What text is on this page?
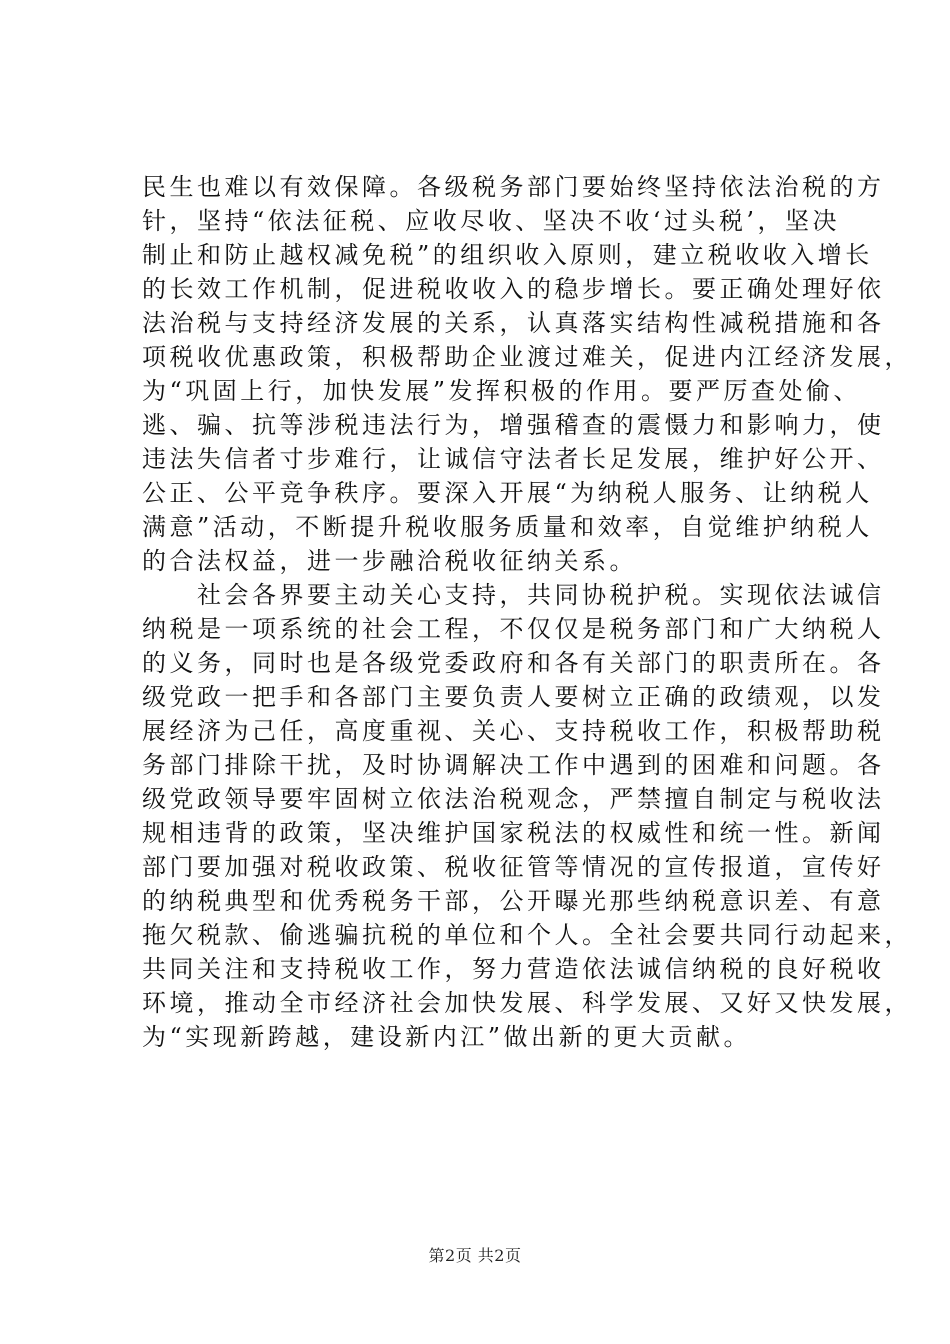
民生也难以有效保障。各级税务部门要始终坚持依法治税的方
针，坚持“依法征税、应收尽收、坚决不收‘过头税’，坚决
制止和防止越权减免税”的组织收入原则，建立税收收入增长
的长效工作机制，促进税收收入的稳步增长。要正确处理好依
法治税与支持经济发展的关系，认真落实结构性减税措施和各
项税收优惠政策，积极帮助企业渡过难关，促进内江经济发展，
为“巩固上行，加快发展”发挥积极的作用。要严厉查处偷、
逃、骗、抗等涉税违法行为，增强稽查的震慑力和影响力，使
违法失信者寸步难行，让诚信守法者长足发展，维护好公开、
公正、公平竞争秩序。要深入开展“为纳税人服务、让纳税人
满意”活动，不断提升税收服务质量和效率，自觉维护纳税人
的合法权益，进一步融洽税收征纳关系。
　　社会各界要主动关心支持，共同协税护税。实现依法诚信
纳税是一项系统的社会工程，不仅仅是税务部门和广大纳税人
的义务，同时也是各级党委政府和各有关部门的职责所在。各
级党政一把手和各部门主要负责人要树立正确的政绩观，以发
展经济为己任，高度重视、关心、支持税收工作，积极帮助税
务部门排除干扰，及时协调解决工作中遇到的困难和问题。各
级党政领导要牢固树立依法治税观念，严禁擅自制定与税收法
规相违背的政策，坚决维护国家税法的权威性和统一性。新闻
部门要加强对税收政策、税收征管等情况的宣传报道，宣传好
的纳税典型和优秀税务干部，公开曝光那些纳税意识差、有意
拖欠税款、偷逃骗抗税的单位和个人。全社会要共同行动起来，
共同关注和支持税收工作，努力营造依法诚信纳税的良好税收
环境，推动全市经济社会加快发展、科学发展、又好又快发展，
为“实现新跨越，建设新内江”做出新的更大贡献。
第2页 共2页
